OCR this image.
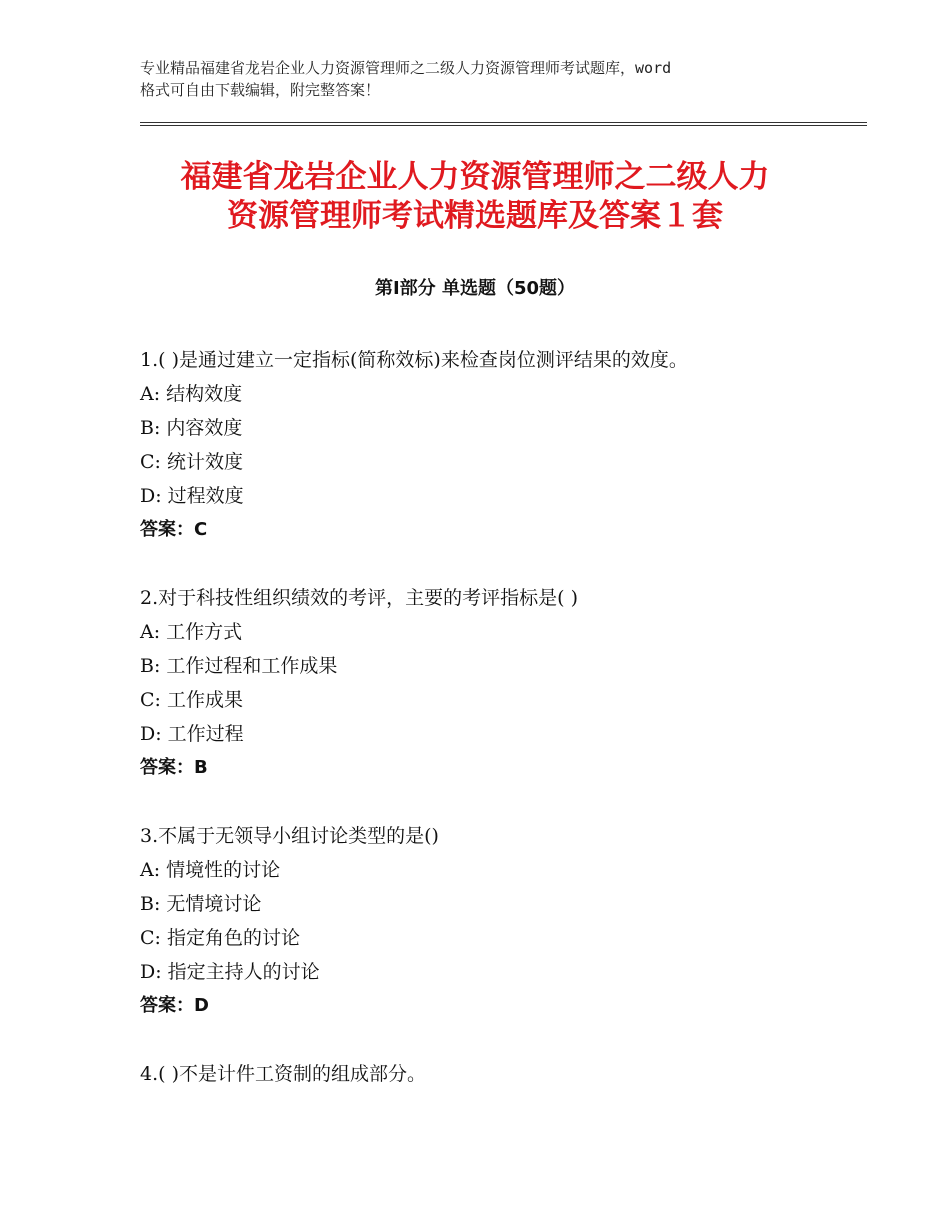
专业精品福建省龙岩企业人力资源管理师之二级人力资源管理师考试题库，word
格式可自由下载编辑，附完整答案！
福建省龙岩企业人力资源管理师之二级人力
资源管理师考试精选题库及答案１套
第Ⅰ部分 单选题（50题）
1.( )是通过建立一定指标(简称效标)来检查岗位测评结果的效度。
A: 结构效度
B: 内容效度
C: 统计效度
D: 过程效度
答案：C
2.对于科技性组织绩效的考评，主要的考评指标是( )
A: 工作方式
B: 工作过程和工作成果
C: 工作成果
D: 工作过程
答案：B
3.不属于无领导小组讨论类型的是()
A: 情境性的讨论
B: 无情境讨论
C: 指定角色的讨论
D: 指定主持人的讨论
答案：D
4.( )不是计件工资制的组成部分。
